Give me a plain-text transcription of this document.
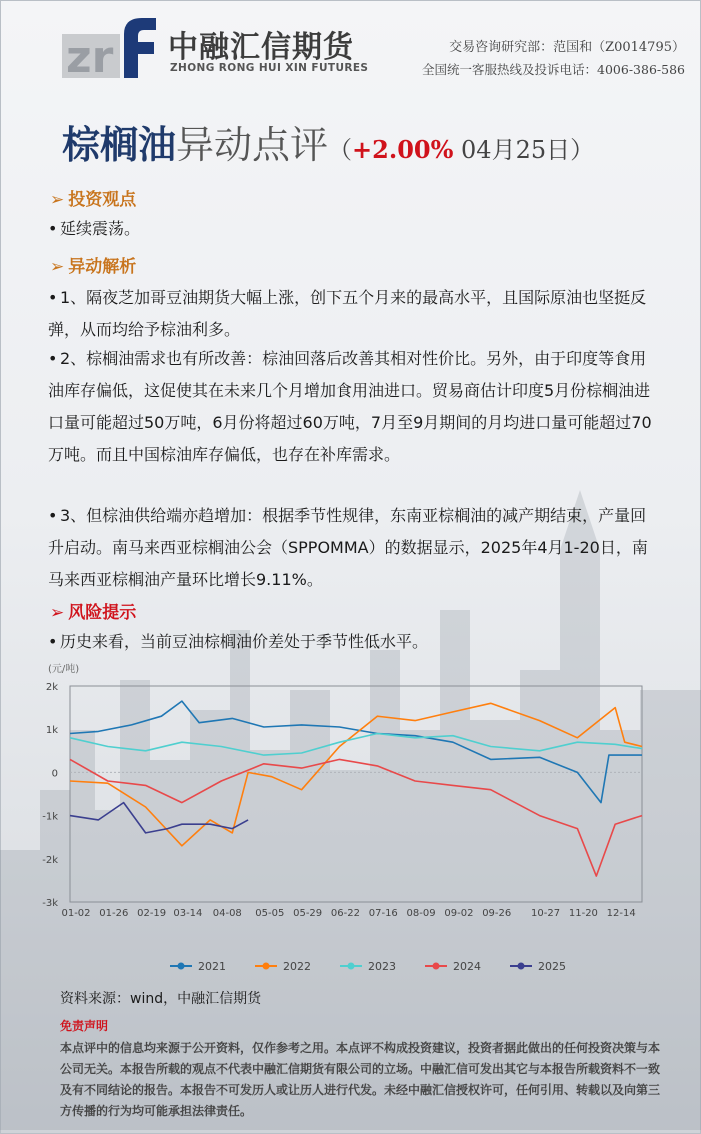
zr 中融汇信期货
ZHONG RONG HUI XIN FUTURES
交易咨询研究部：范国和（Z0014795）
全国统一客服热线及投诉电话：4006-386-586
棕榈油异动点评（+2.00% 04月25日）
➢ 投资观点
• 延续震荡。
➢ 异动解析
• 1、隔夜芝加哥豆油期货大幅上涨，创下五个月来的最高水平，且国际原油也坚挺反弹，从而均给予棕油利多。
• 2、棕榈油需求也有所改善：棕油回落后改善其相对性价比。另外，由于印度等食用油库存偏低，这促使其在未来几个月增加食用油进口。贸易商估计印度5月份棕榈油进口量可能超过50万吨，6月份将超过60万吨，7月至9月期间的月均进口量可能超过70万吨。而且中国棕油库存偏低，也存在补库需求。
• 3、但棕油供给端亦趋增加：根据季节性规律，东南亚棕榈油的减产期结束，产量回升启动。南马来西亚棕榈油公会（SPPOMMA）的数据显示，2025年4月1-20日，南马来西亚棕榈油产量环比增长9.11%。
➢ 风险提示
• 历史来看，当前豆油棕榈油价差处于季节性低水平。
(元/吨)
2k
1k
0
-1k
-2k
-3k
01-02 01-26 02-19 03-14 04-08 05-05 05-29 06-22 07-16 08-09 09-02 09-26 10-27 11-20 12-14
2021	2022	2023	2024	2025
资料来源：wind，中融汇信期货
免责声明
本点评中的信息均来源于公开资料，仅作参考之用。本点评不构成投资建议，投资者据此做出的任何投资决策与本公司无关。本报告所载的观点不代表中融汇信期货有限公司的立场。中融汇信可发出其它与本报告所载资料不一致及有不同结论的报告。本报告不可发历人或让历人进行代发。未经中融汇信授权许可，任何引用、转载以及向第三方传播的行为均可能承担法律责任。
